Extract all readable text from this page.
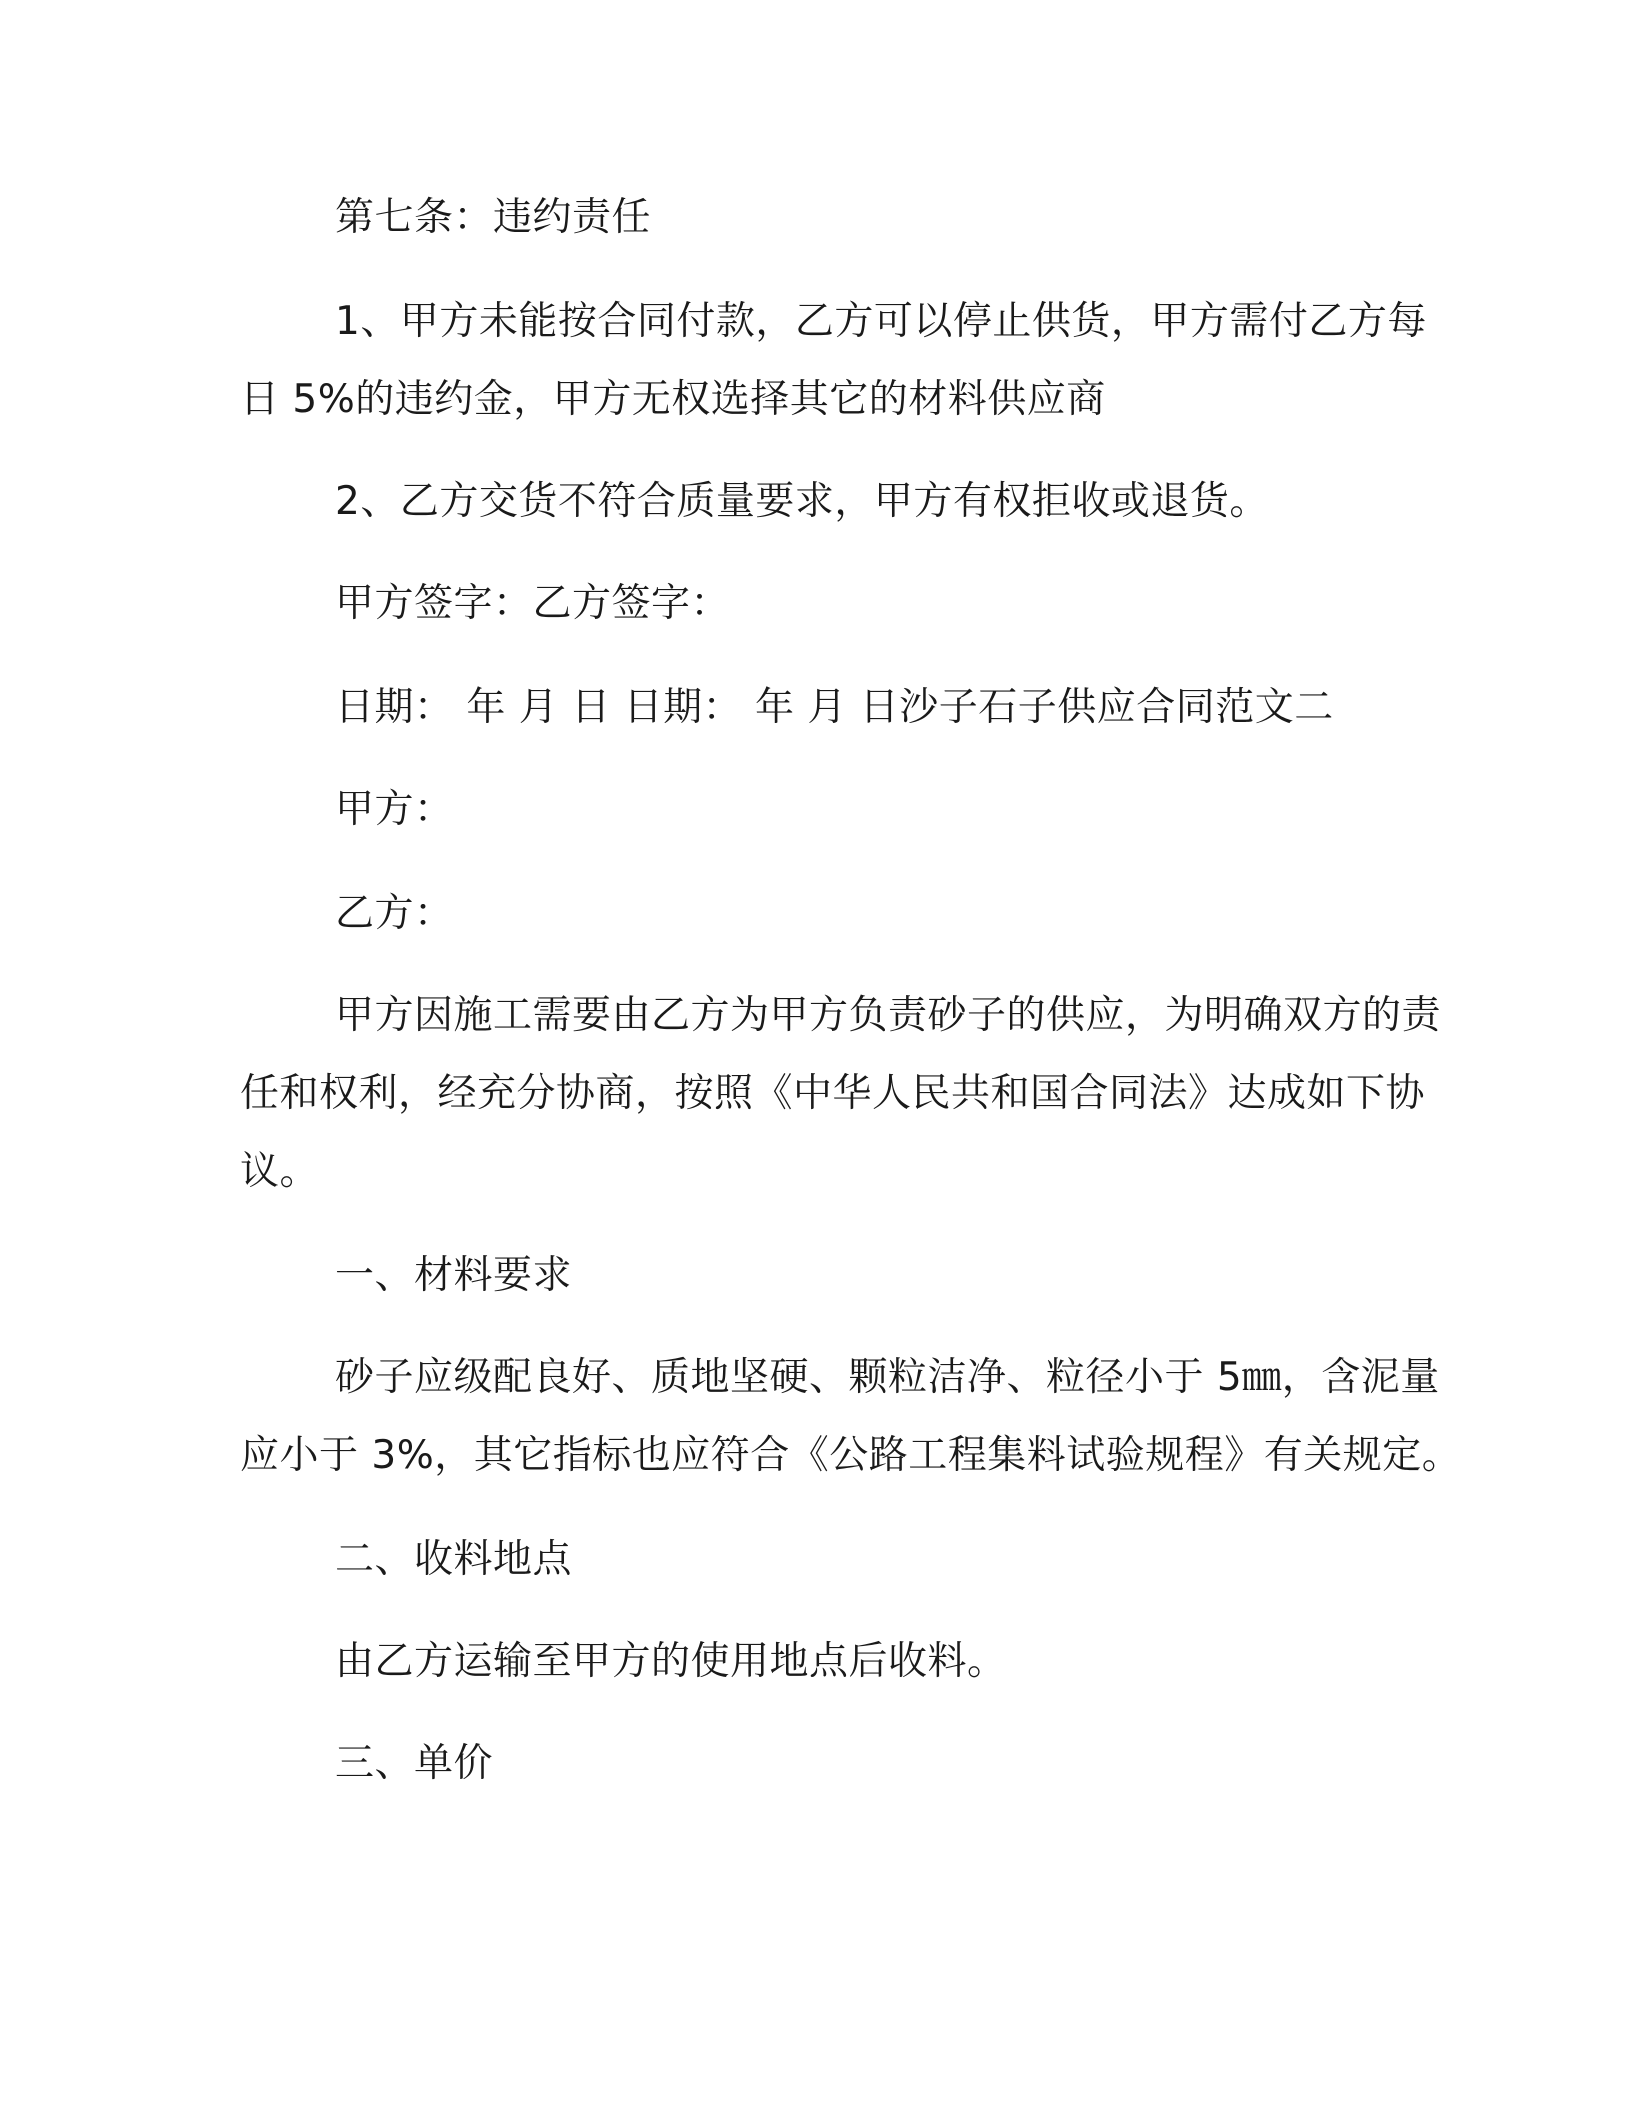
第七条：违约责任
1、甲方未能按合同付款，乙方可以停止供货，甲方需付乙方每
日 5%的违约金，甲方无权选择其它的材料供应商
2、乙方交货不符合质量要求，甲方有权拒收或退货。
甲方签字：乙方签字：
日期： 年 月 日 日期： 年 月 日沙子石子供应合同范文二
甲方：
乙方：
甲方因施工需要由乙方为甲方负责砂子的供应，为明确双方的责
任和权利，经充分协商，按照《中华人民共和国合同法》达成如下协
议。
一、材料要求
砂子应级配良好、质地坚硬、颗粒洁净、粒径小于 5㎜，含泥量
应小于 3%，其它指标也应符合《公路工程集料试验规程》有关规定。
二、收料地点
由乙方运输至甲方的使用地点后收料。
三、单价
